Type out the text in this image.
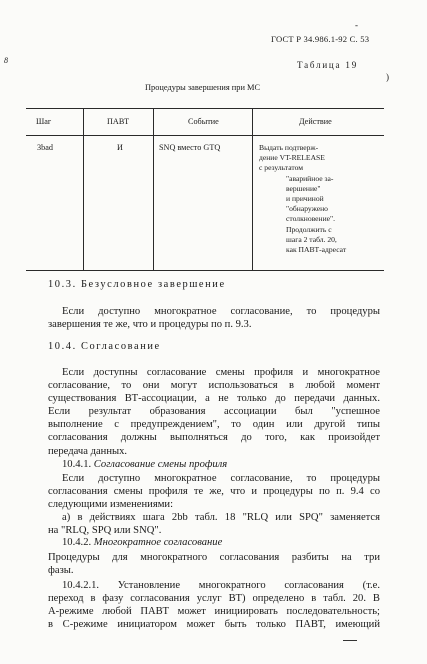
8
ГОСТ Р 34.986.1-92 С. 53
-
Таблица 19
)
Процедуры завершения при МС
Шаг	ПАВТ	Событие	Действие
3bad	И	SNQ вместо GTQ	Выдать подтверж-
дение VT-RELEASE
с результатом
"аварийное за-
вершение"
и причиной
"обнаружено
столкновение".
Продолжить с
шага 2 табл. 20,
как ПАВТ-адресат
10.3. Безусловное завершение
Если доступно многократное согласование, то процедуры
завершения те же, что и процедуры по п. 9.3.
10.4. Согласование
Если доступны согласование смены профиля и многократное
согласование, то они могут использоваться в любой момент
существования ВТ-ассоциации, а не только до передачи данных.
Если результат образования ассоциации был "успешное
выполнение с предупреждением", то один или другой типы
согласования должны выполняться до того, как произойдет
передача данных.
10.4.1. Согласование смены профиля
Если доступно многократное согласование, то процедуры
согласования смены профиля те же, что и процедуры по п. 9.4 со
следующими изменениями:
а) в действиях шага 2bb табл. 18 "RLQ или SPQ" заменяется
на "RLQ, SPQ или SNQ".
10.4.2. Многократное согласование
Процедуры для многократного согласования разбиты на три
фазы.
10.4.2.1. Установление многократного согласования (т.е.
переход в фазу согласования услуг ВТ) определено в табл. 20. В
А-режиме любой ПАВТ может инициировать последовательность;
в С-режиме инициатором может быть только ПАВТ, имеющий
